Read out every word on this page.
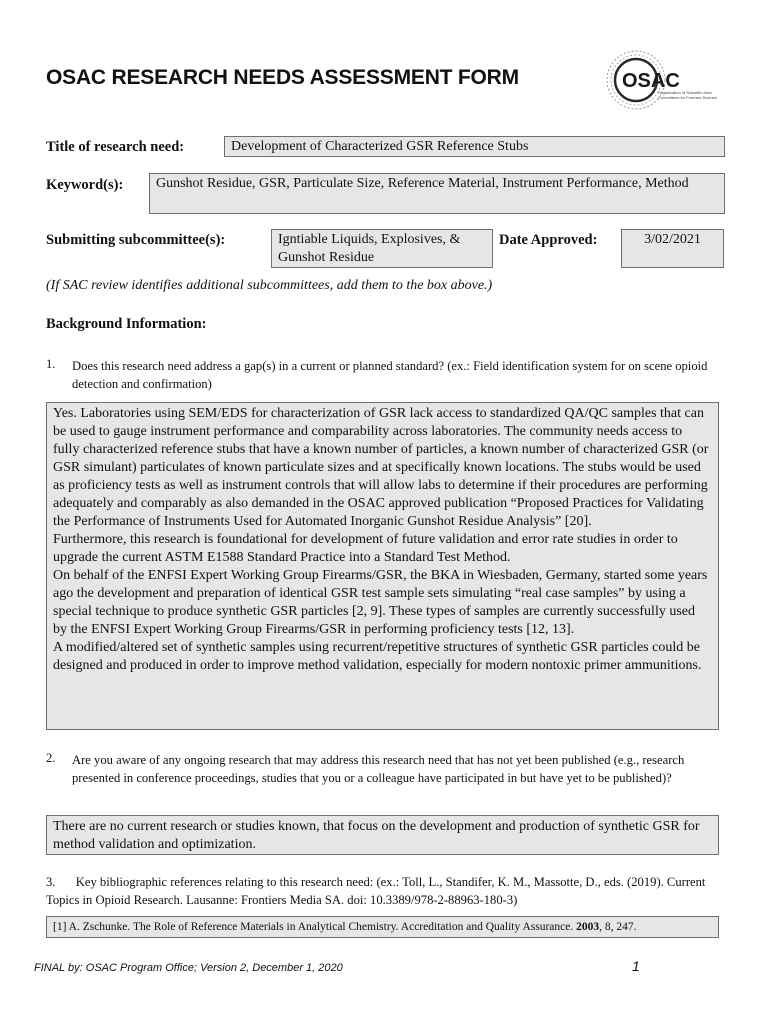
OSAC RESEARCH NEEDS ASSESSMENT FORM	OSAC
Organization of Scientific Area
Committees for Forensic Science
Title of research need:	Development of Characterized GSR Reference Stubs
Keyword(s):	Gunshot Residue, GSR, Particulate Size, Reference Material, Instrument Performance, Method
Submitting subcommittee(s):	Igntiable Liquids, Explosives, & Gunshot Residue
Date Approved:	3/02/2021
(If SAC review identifies additional subcommittees, add them to the box above.)
Background Information:
1. Does this research need address a gap(s) in a current or planned standard? (ex.: Field identification system for on scene opioid detection and confirmation)

Yes. Laboratories using SEM/EDS for characterization of GSR lack access to standardized QA/QC samples that can be used to gauge instrument performance and comparability across laboratories. The community needs access to fully characterized reference stubs that have a known number of particles, a known number of characterized GSR (or GSR simulant) particulates of known particulate sizes and at specifically known locations. The stubs would be used as proficiency tests as well as instrument controls that will allow labs to determine if their procedures are performing adequately and comparably as also demanded in the OSAC approved publication “Proposed Practices for Validating the Performance of Instruments Used for Automated Inorganic Gunshot Residue Analysis” [20].

Furthermore, this research is foundational for development of future validation and error rate studies in order to upgrade the current ASTM E1588 Standard Practice into a Standard Test Method.

On behalf of the ENFSI Expert Working Group Firearms/GSR, the BKA in Wiesbaden, Germany, started some years ago the development and preparation of identical GSR test sample sets simulating “real case samples” by using a special technique to produce synthetic GSR particles [2, 9]. These types of samples are currently successfully used by the ENFSI Expert Working Group Firearms/GSR in performing proficiency tests [12, 13].

A modified/altered set of synthetic samples using recurrent/repetitive structures of synthetic GSR particles could be designed and produced in order to improve method validation, especially for modern nontoxic primer ammunitions.

2. Are you aware of any ongoing research that may address this research need that has not yet been published (e.g., research presented in conference proceedings, studies that you or a colleague have participated in but have yet to be published)?
There are no current research or studies known, that focus on the development and production of synthetic GSR for method validation and optimization.
3. Key bibliographic references relating to this research need: (ex.: Toll, L., Standifer, K. M., Massotte, D., eds. (2019). Current Topics in Opioid Research. Lausanne: Frontiers Media SA. doi: 10.3389/978-2-88963-180-3)
[1] A. Zschunke. The Role of Reference Materials in Analytical Chemistry. Accreditation and Quality Assurance. 2003, 8, 247.
FINAL by: OSAC Program Office; Version 2, December 1, 2020	1
